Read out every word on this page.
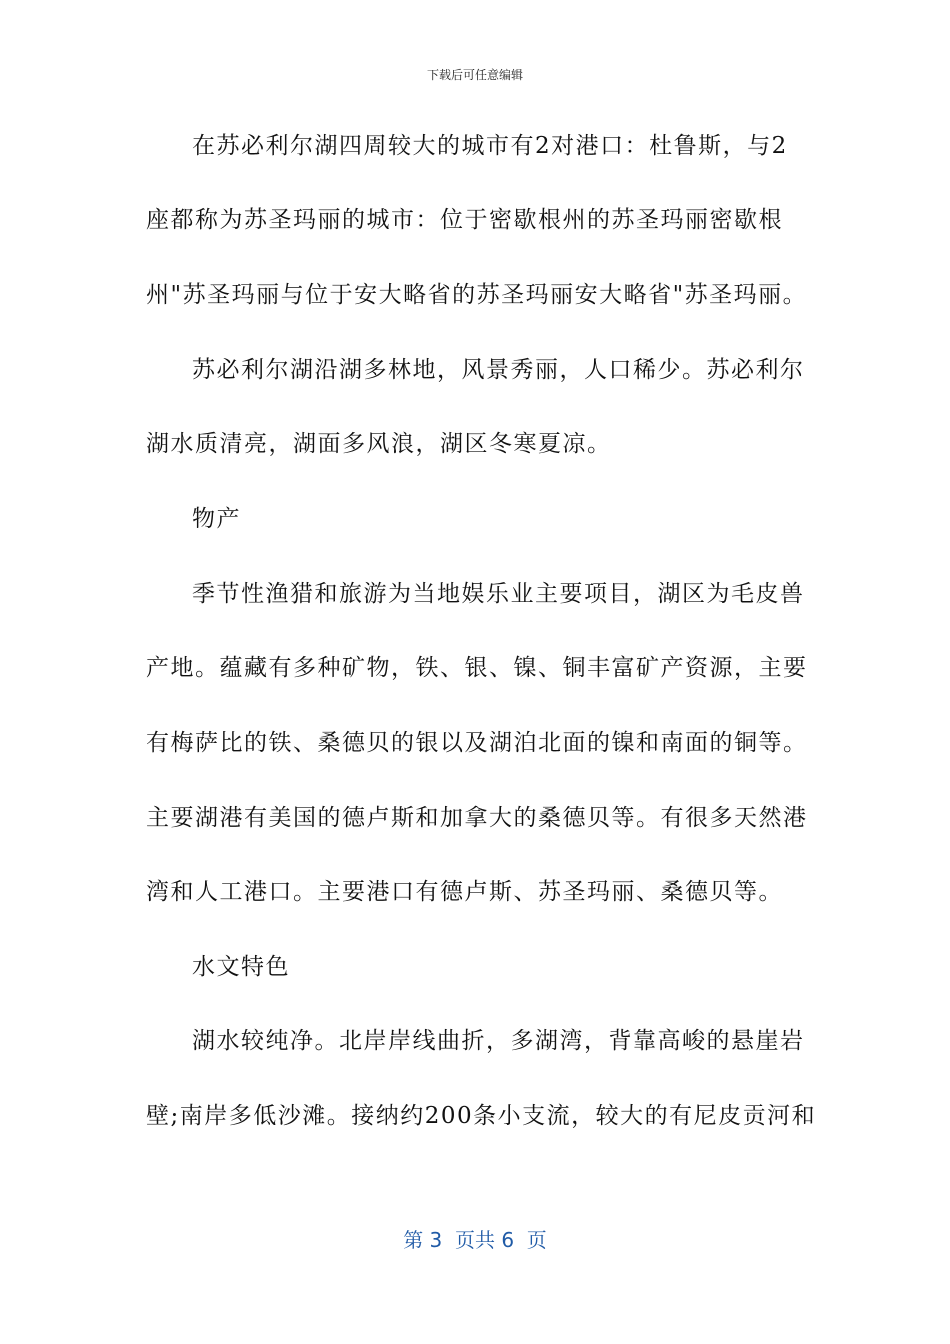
下载后可任意编辑
在苏必利尔湖四周较大的城市有2对港口：杜鲁斯，与2
座都称为苏圣玛丽的城市：位于密歇根州的苏圣玛丽密歇根
州"苏圣玛丽与位于安大略省的苏圣玛丽安大略省"苏圣玛丽。
苏必利尔湖沿湖多林地，风景秀丽，人口稀少。苏必利尔
湖水质清亮，湖面多风浪，湖区冬寒夏凉。
物产
季节性渔猎和旅游为当地娱乐业主要项目，湖区为毛皮兽
产地。蕴藏有多种矿物，铁、银、镍、铜丰富矿产资源，主要
有梅萨比的铁、桑德贝的银以及湖泊北面的镍和南面的铜等。
主要湖港有美国的德卢斯和加拿大的桑德贝等。有很多天然港
湾和人工港口。主要港口有德卢斯、苏圣玛丽、桑德贝等。
水文特色
湖水较纯净。北岸岸线曲折，多湖湾，背靠高峻的悬崖岩
壁;南岸多低沙滩。接纳约200条小支流，较大的有尼皮贡河和
第 3  页共 6  页
